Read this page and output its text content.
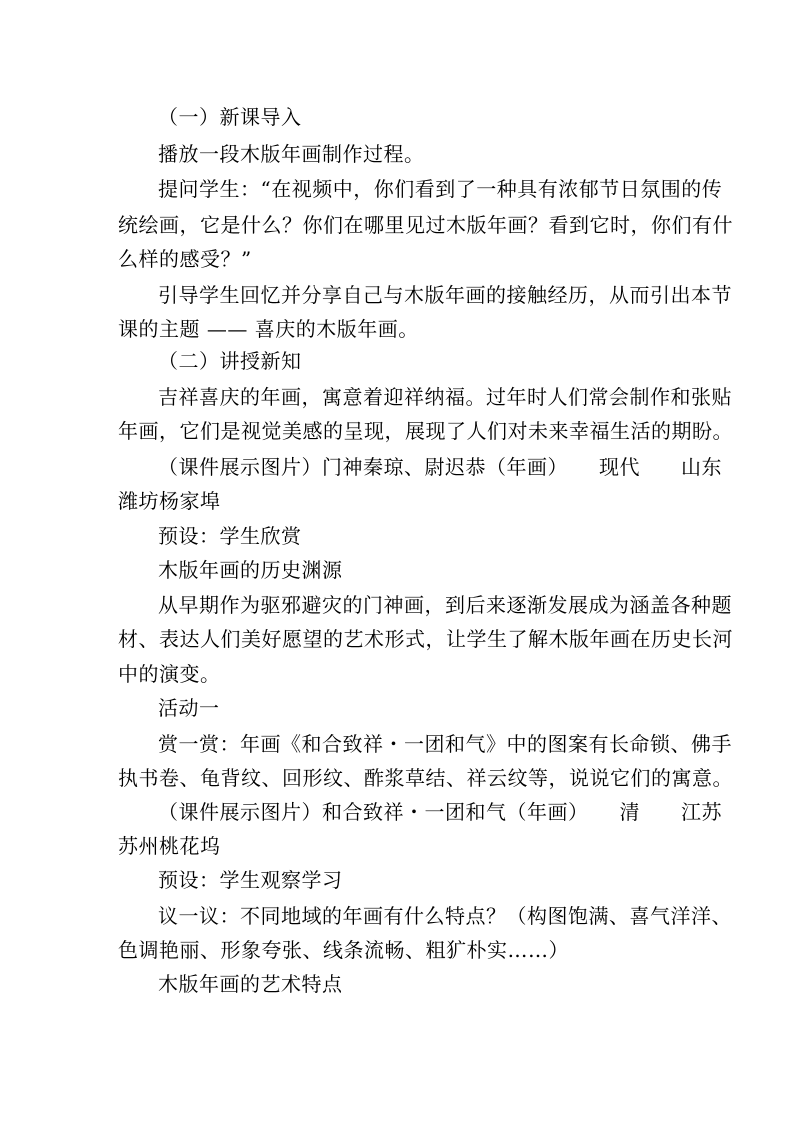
（一）新课导入
播放一段木版年画制作过程。
提问学生：“在视频中，你们看到了一种具有浓郁节日氛围的传
统绘画，它是什么？你们在哪里见过木版年画？看到它时，你们有什
么样的感受？”
引导学生回忆并分享自己与木版年画的接触经历，从而引出本节
课的主题 —— 喜庆的木版年画。
（二）讲授新知
吉祥喜庆的年画，寓意着迎祥纳福。过年时人们常会制作和张贴
年画，它们是视觉美感的呈现，展现了人们对未来幸福生活的期盼。
（课件展示图片）门神秦琼、尉迟恭（年画）　　现代　　山东
潍坊杨家埠
预设：学生欣赏
木版年画的历史渊源
从早期作为驱邪避灾的门神画，到后来逐渐发展成为涵盖各种题
材、表达人们美好愿望的艺术形式，让学生了解木版年画在历史长河
中的演变。
活动一
赏一赏：年画《和合致祥・一团和气》中的图案有长命锁、佛手
执书卷、龟背纹、回形纹、酢浆草结、祥云纹等，说说它们的寓意。
（课件展示图片）和合致祥・一团和气（年画）　　清　　江苏
苏州桃花坞
预设：学生观察学习
议一议：不同地域的年画有什么特点？（构图饱满、喜气洋洋、
色调艳丽、形象夸张、线条流畅、粗犷朴实……）
木版年画的艺术特点
